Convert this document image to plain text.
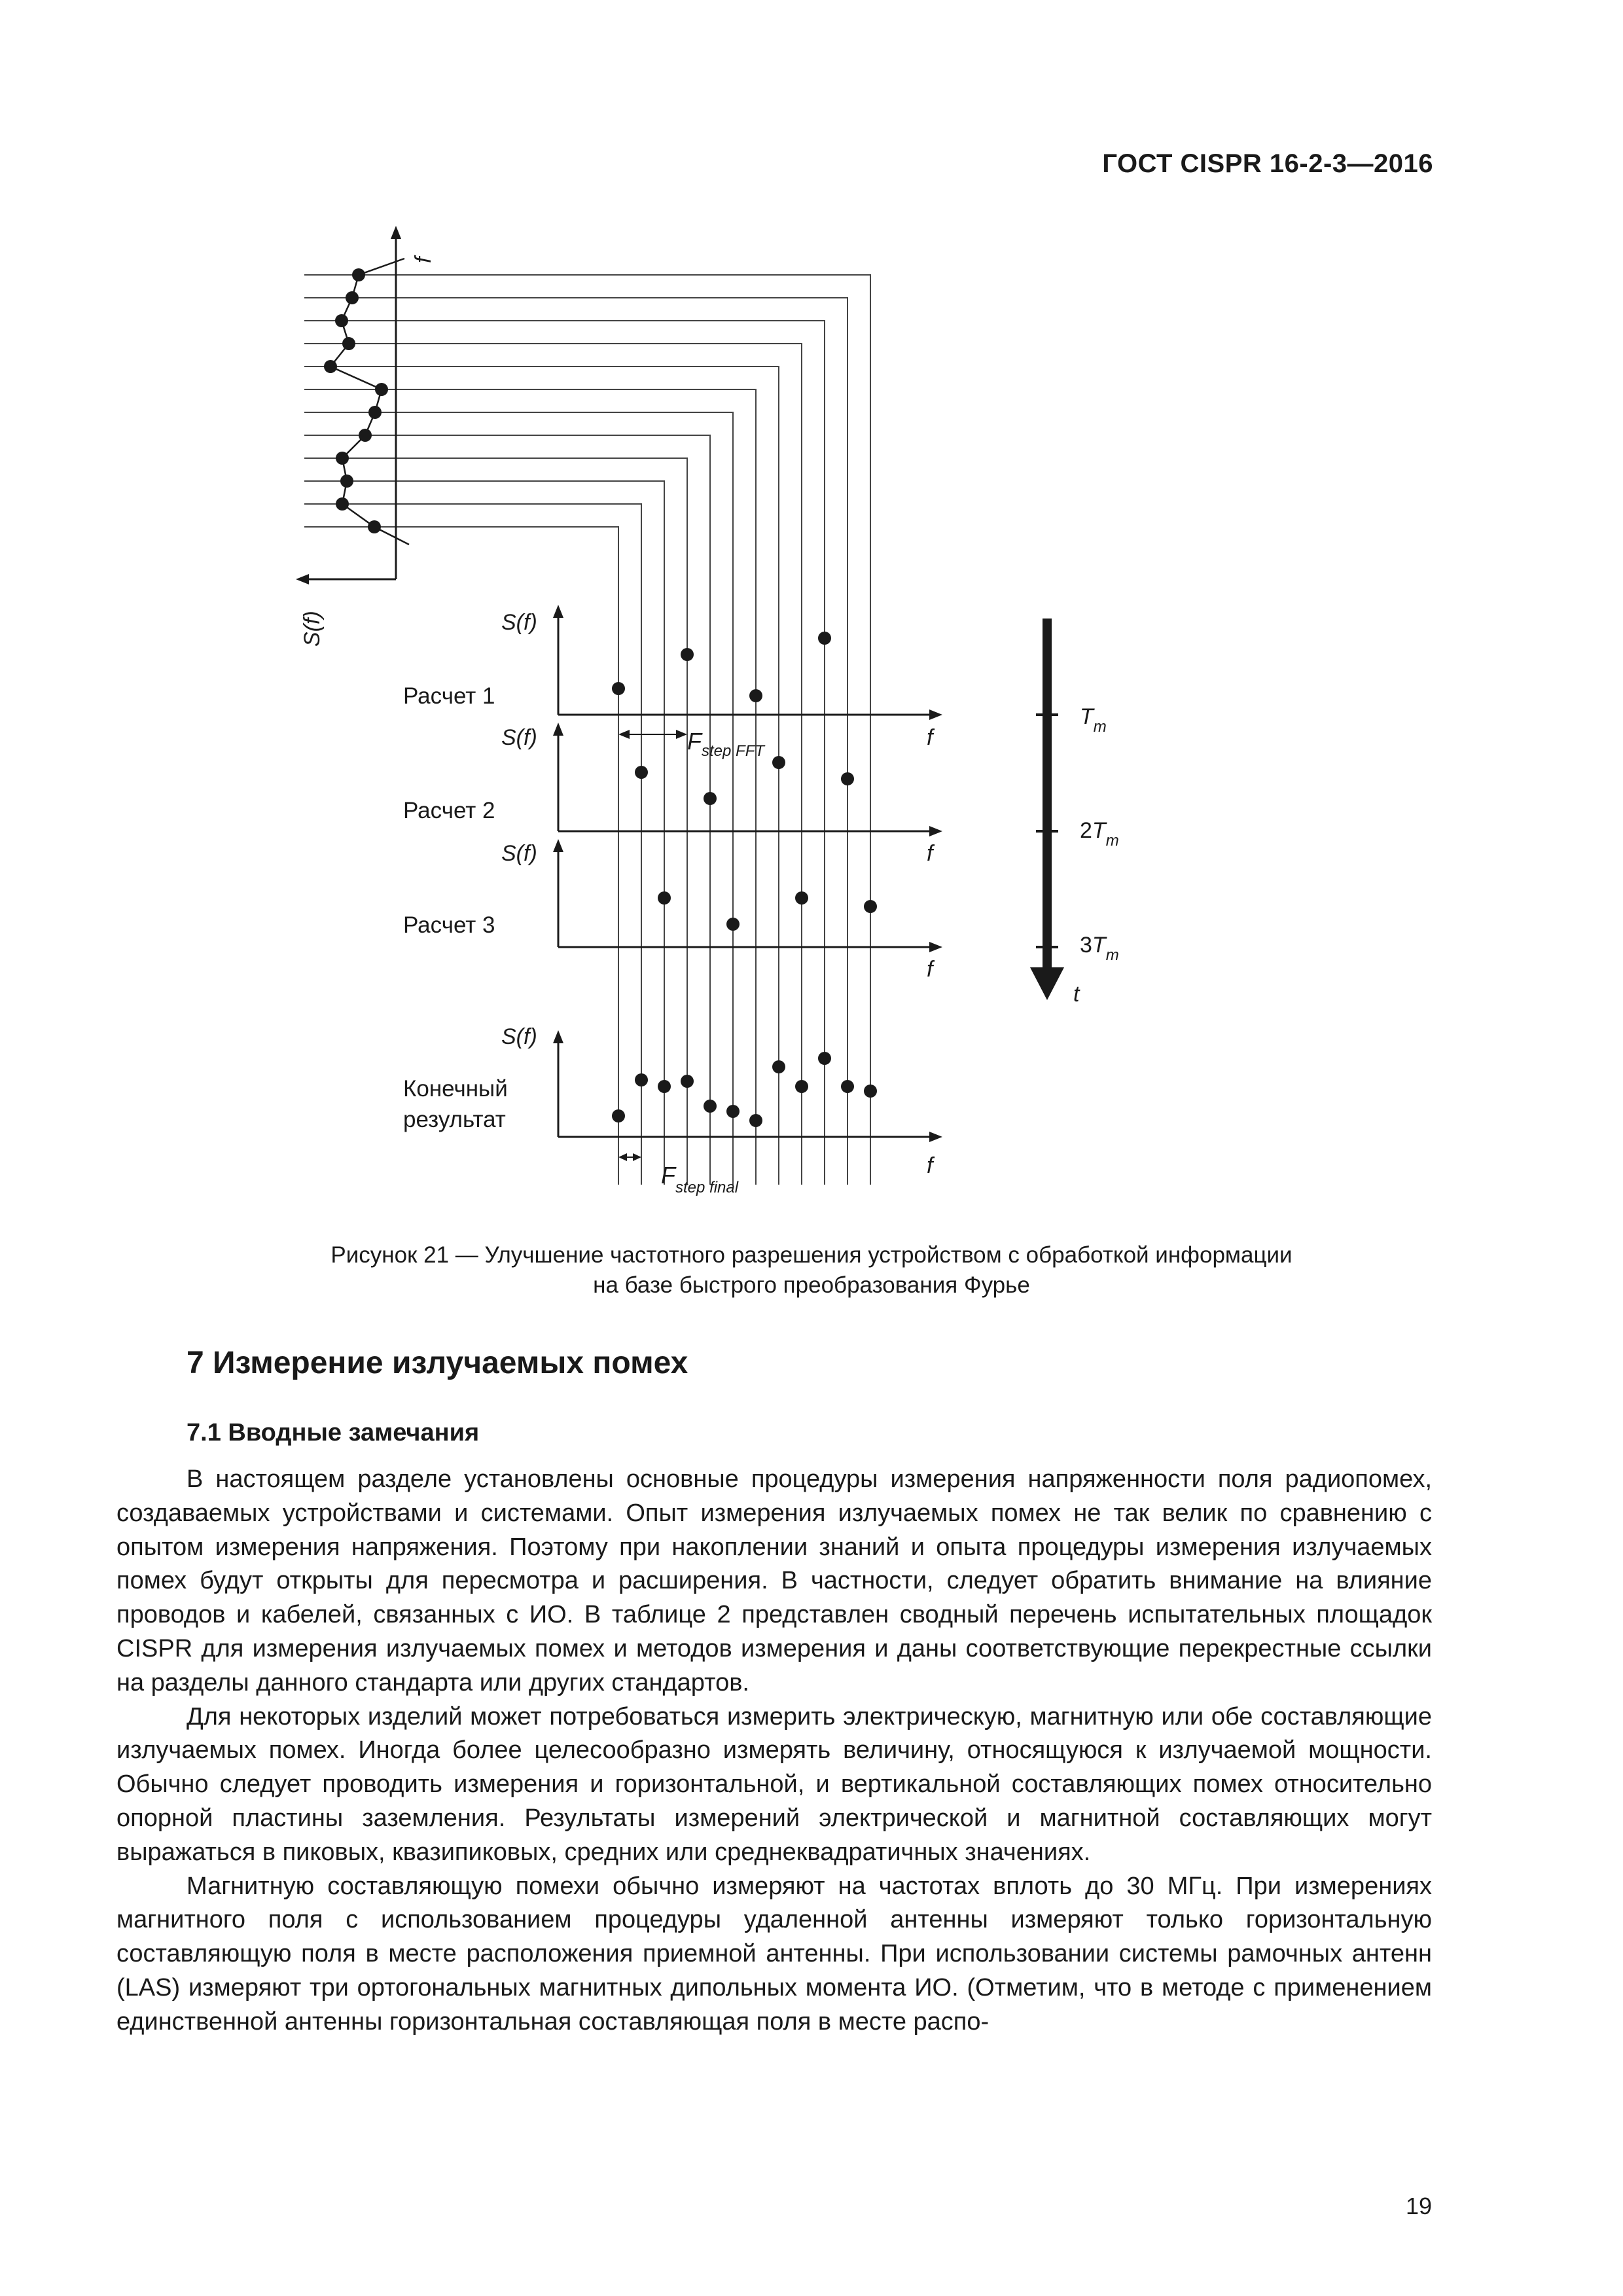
ГОСТ CISPR 16-2-3—2016
S(f)
f
Расчет 1
Расчет 2
Расчет 3
Конечный
результат
S(f)
S(f)
S(f)
S(f)
f
f
f
f
$F_{step FFT}$
$F_{step final}$
$T_m$
$2T_m$
$3T_m$
t
Рисунок 21 — Улучшение частотного разрешения устройством с обработкой информации
на базе быстрого преобразования Фурье
7 Измерение излучаемых помех
7.1 Вводные замечания

В настоящем разделе установлены основные процедуры измерения напряженности поля радиопомех, создаваемых устройствами и системами. Опыт измерения излучаемых помех не так велик по сравнению с опытом измерения напряжения. Поэтому при накоплении знаний и опыта процедуры измерения излучаемых помех будут открыты для пересмотра и расширения. В частности, следует обратить внимание на влияние проводов и кабелей, связанных с ИО. В таблице 2 представлен сводный перечень испытательных площадок CISPR для измерения излучаемых помех и методов измерения и даны соответствующие перекрестные ссылки на разделы данного стандарта или других стандартов.

Для некоторых изделий может потребоваться измерить электрическую, магнитную или обе составляющие излучаемых помех. Иногда более целесообразно измерять величину, относящуюся к излучаемой мощности. Обычно следует проводить измерения и горизонтальной, и вертикальной составляющих помех относительно опорной пластины заземления. Результаты измерений электрической и магнитной составляющих могут выражаться в пиковых, квазипиковых, средних или среднеквадратичных значениях.

Магнитную составляющую помехи обычно измеряют на частотах вплоть до 30 МГц. При измерениях магнитного поля с использованием процедуры удаленной антенны измеряют только горизонтальную составляющую поля в месте расположения приемной антенны. При использовании системы рамочных антенн (LAS) измеряют три ортогональных магнитных дипольных момента ИО. (Отметим, что в методе с применением единственной антенны горизонтальная составляющая поля в месте распо-

19
